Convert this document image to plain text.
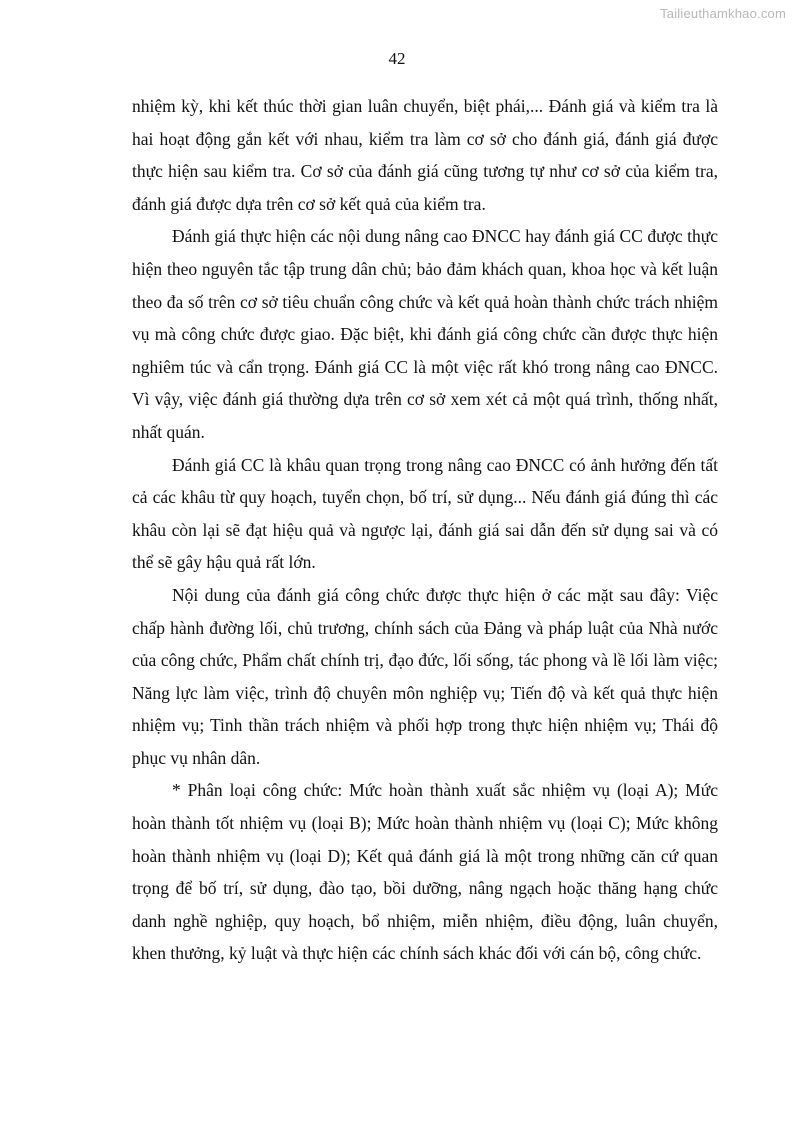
Tailieuthamkhao.com
42

nhiệm kỳ, khi kết thúc thời gian luân chuyển, biệt phái,... Đánh giá và kiểm tra là hai hoạt động gắn kết với nhau, kiểm tra làm cơ sở cho đánh giá, đánh giá được thực hiện sau kiểm tra. Cơ sở của đánh giá cũng tương tự như cơ sở của kiểm tra, đánh giá được dựa trên cơ sở kết quả của kiểm tra.

Đánh giá thực hiện các nội dung nâng cao ĐNCC hay đánh giá CC được thực hiện theo nguyên tắc tập trung dân chủ; bảo đảm khách quan, khoa học và kết luận theo đa số trên cơ sở tiêu chuẩn công chức và kết quả hoàn thành chức trách nhiệm vụ mà công chức được giao. Đặc biệt, khi đánh giá công chức cần được thực hiện nghiêm túc và cẩn trọng. Đánh giá CC là một việc rất khó trong nâng cao ĐNCC. Vì vậy, việc đánh giá thường dựa trên cơ sở xem xét cả một quá trình, thống nhất, nhất quán.

Đánh giá CC là khâu quan trọng trong nâng cao ĐNCC có ảnh hưởng đến tất cả các khâu từ quy hoạch, tuyển chọn, bố trí, sử dụng... Nếu đánh giá đúng thì các khâu còn lại sẽ đạt hiệu quả và ngược lại, đánh giá sai dẫn đến sử dụng sai và có thể sẽ gây hậu quả rất lớn.

Nội dung của đánh giá công chức được thực hiện ở các mặt sau đây: Việc chấp hành đường lối, chủ trương, chính sách của Đảng và pháp luật của Nhà nước của công chức, Phẩm chất chính trị, đạo đức, lối sống, tác phong và lề lối làm việc; Năng lực làm việc, trình độ chuyên môn nghiệp vụ; Tiến độ và kết quả thực hiện nhiệm vụ; Tinh thần trách nhiệm và phối hợp trong thực hiện nhiệm vụ; Thái độ phục vụ nhân dân.

* Phân loại công chức: Mức hoàn thành xuất sắc nhiệm vụ (loại A); Mức hoàn thành tốt nhiệm vụ (loại B); Mức hoàn thành nhiệm vụ (loại C); Mức không hoàn thành nhiệm vụ (loại D); Kết quả đánh giá là một trong những căn cứ quan trọng để bố trí, sử dụng, đào tạo, bồi dưỡng, nâng ngạch hoặc thăng hạng chức danh nghề nghiệp, quy hoạch, bổ nhiệm, miễn nhiệm, điều động, luân chuyển, khen thưởng, kỷ luật và thực hiện các chính sách khác đối với cán bộ, công chức.
